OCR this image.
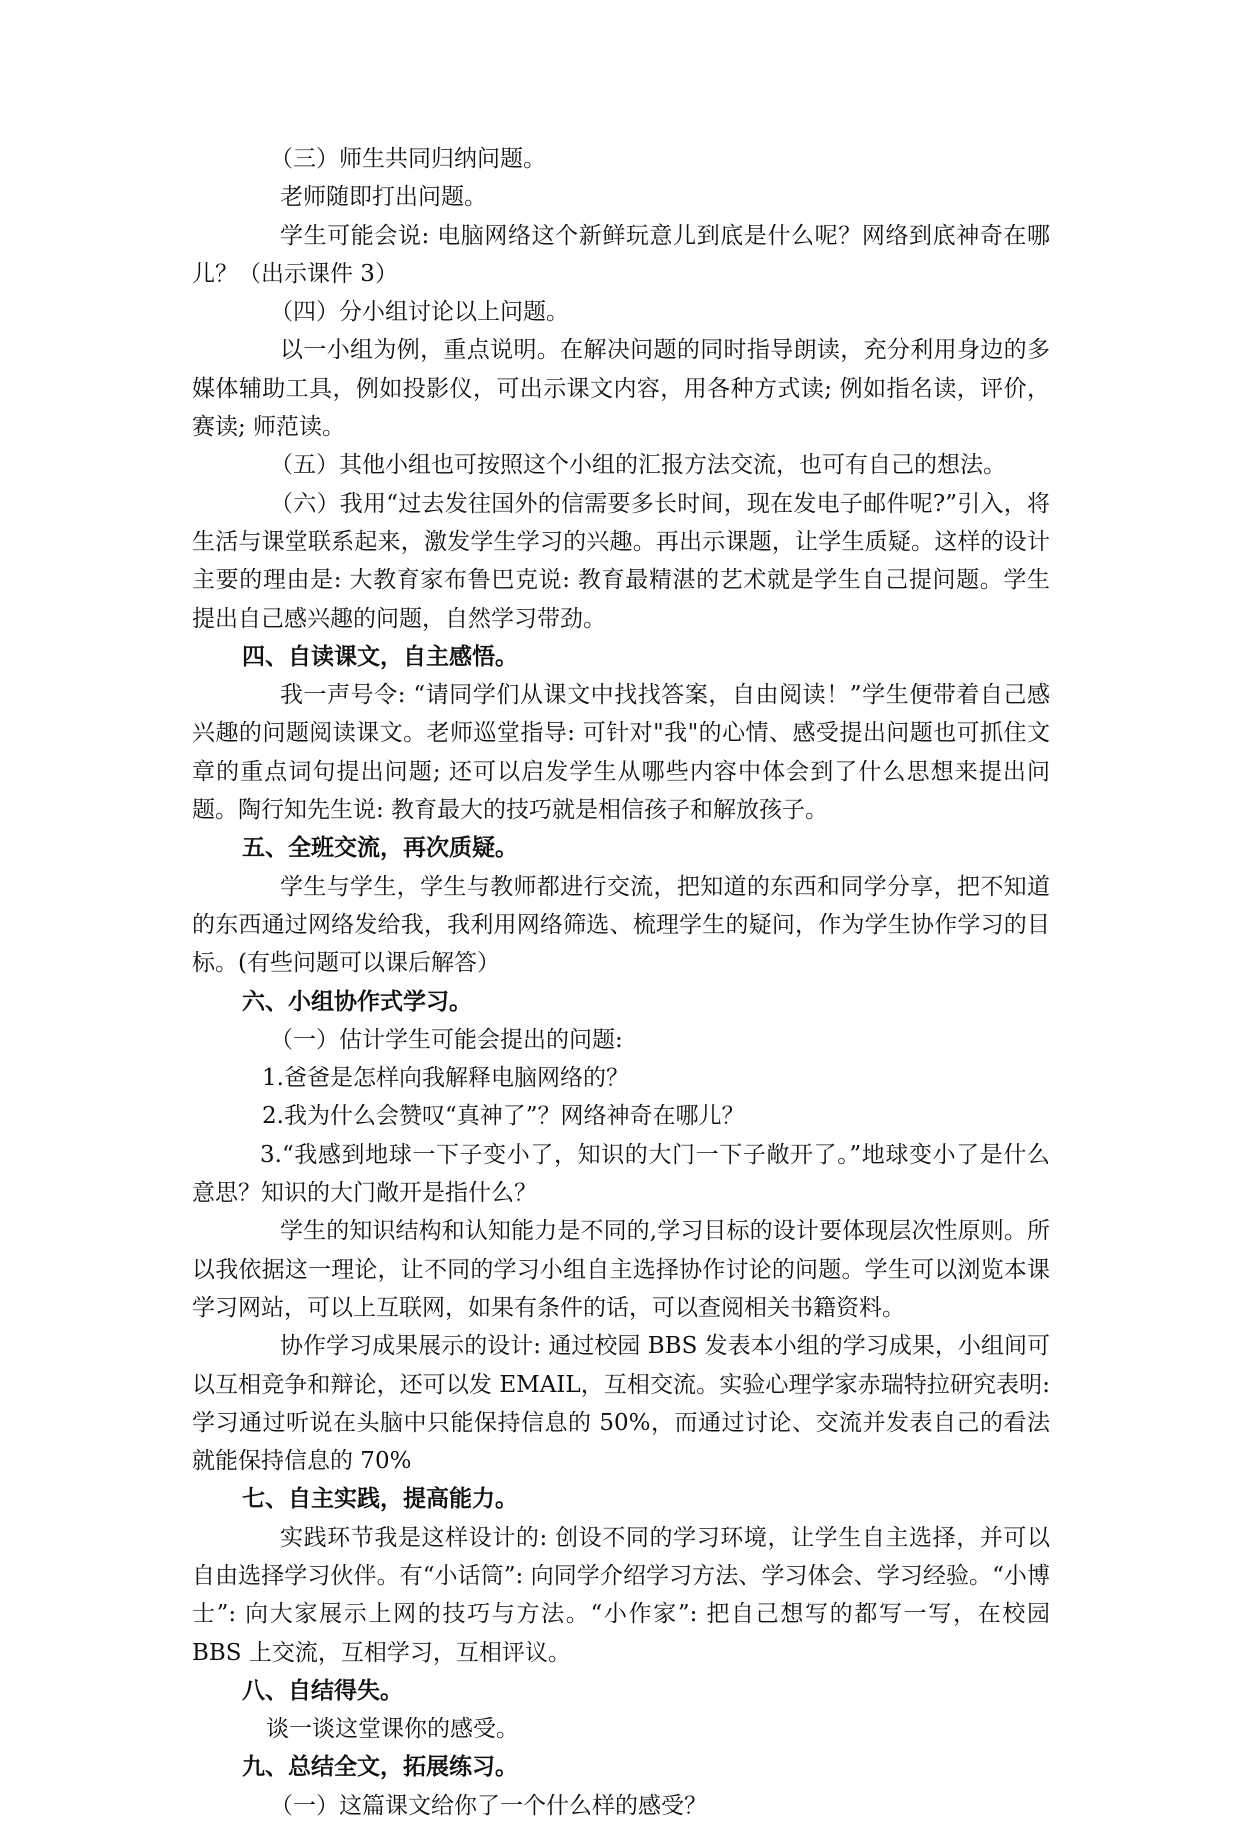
（三）师生共同归纳问题。

老师随即打出问题。

学生可能会说: 电脑网络这个新鲜玩意儿到底是什么呢？网络到底神奇在哪儿？（出示课件 3）

（四）分小组讨论以上问题。

以一小组为例，重点说明。在解决问题的同时指导朗读，充分利用身边的多媒体辅助工具，例如投影仪，可出示课文内容，用各种方式读; 例如指名读，评价，赛读; 师范读。

（五）其他小组也可按照这个小组的汇报方法交流，也可有自己的想法。

（六）我用“过去发往国外的信需要多长时间，现在发电子邮件呢?”引入，将生活与课堂联系起来，激发学生学习的兴趣。再出示课题，让学生质疑。这样的设计主要的理由是: 大教育家布鲁巴克说: 教育最精湛的艺术就是学生自己提问题。学生提出自己感兴趣的问题，自然学习带劲。

四、自读课文，自主感悟。

我一声号令: “请同学们从课文中找找答案，自由阅读！”学生便带着自己感兴趣的问题阅读课文。老师巡堂指导: 可针对"我"的心情、感受提出问题也可抓住文章的重点词句提出问题; 还可以启发学生从哪些内容中体会到了什么思想来提出问题。陶行知先生说: 教育最大的技巧就是相信孩子和解放孩子。

五、全班交流，再次质疑。

学生与学生，学生与教师都进行交流，把知道的东西和同学分享，把不知道的东西通过网络发给我，我利用网络筛选、梳理学生的疑问，作为学生协作学习的目标。(有些问题可以课后解答）

六、小组协作式学习。

（一）估计学生可能会提出的问题:

1.爸爸是怎样向我解释电脑网络的？

2.我为什么会赞叹“真神了”？网络神奇在哪儿？

3.“我感到地球一下子变小了，知识的大门一下子敞开了。”地球变小了是什么意思？知识的大门敞开是指什么？

学生的知识结构和认知能力是不同的,学习目标的设计要体现层次性原则。所以我依据这一理论，让不同的学习小组自主选择协作讨论的问题。学生可以浏览本课学习网站，可以上互联网，如果有条件的话，可以查阅相关书籍资料。

协作学习成果展示的设计: 通过校园 BBS 发表本小组的学习成果，小组间可以互相竞争和辩论，还可以发 EMAIL，互相交流。实验心理学家赤瑞特拉研究表明: 学习通过听说在头脑中只能保持信息的 50%，而通过讨论、交流并发表自己的看法就能保持信息的 70%

七、自主实践，提高能力。

实践环节我是这样设计的: 创设不同的学习环境，让学生自主选择，并可以自由选择学习伙伴。有“小话筒”: 向同学介绍学习方法、学习体会、学习经验。“小博士”: 向大家展示上网的技巧与方法。“小作家”: 把自己想写的都写一写，在校园 BBS 上交流，互相学习，互相评议。

八、自结得失。

谈一谈这堂课你的感受。

九、总结全文，拓展练习。

（一）这篇课文给你了一个什么样的感受？
